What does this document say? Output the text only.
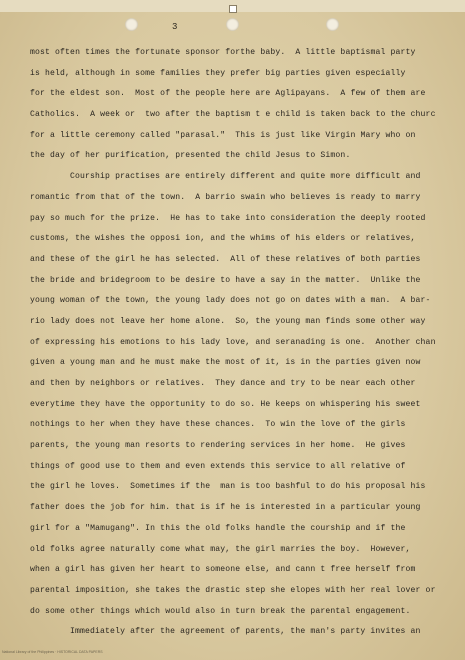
3
most often times the fortunate sponsor forthe baby.  A little baptismal party
is held, although in some families they prefer big parties given especially
for the eldest son.  Most of the people here are Aglipayans.  A few of them are
Catholics.  A week or  two after the baptism t e child is taken back to the churc
for a little ceremony called "parasal."  This is just like Virgin Mary who on
the day of her purification, presented the child Jesus to Simon.
Courship practises are entirely different and quite more difficult and
romantic from that of the town.  A barrio swain who believes is ready to marry
pay so much for the prize.  He has to take into consideration the deeply rooted
customs, the wishes the opposi ion, and the whims of his elders or relatives,
and these of the girl he has selected.  All of these relatives of both parties
the bride and bridegroom to be desire to have a say in the matter.  Unlike the
young woman of the town, the young lady does not go on dates with a man.  A bar-
rio lady does not leave her home alone.  So, the young man finds some other way
of expressing his emotions to his lady love, and seranading is one.  Another chan
given a young man and he must make the most of it, is in the parties given now
and then by neighbors or relatives.  They dance and try to be near each other
everytime they have the opportunity to do so. He keeps on whispering his sweet
nothings to her when they have these chances.  To win the love of the girls
parents, the young man resorts to rendering services in her home.  He gives
things of good use to them and even extends this service to all relative of
the girl he loves.  Sometimes if the  man is too bashful to do his proposal his
father does the job for him. that is if he is interested in a particular young
girl for a "Mamugang". In this the old folks handle the courship and if the
old folks agree naturally come what may, the girl marries the boy.  However,
when a girl has given her heart to someone else, and cann t free herself from
parental imposition, she takes the drastic step she elopes with her real lover or
do some other things which would also in turn break the parental engagement.
Immediately after the agreement of parents, the man's party invites an
National Library of the Philippines · HISTORICAL DATA PAPERS
